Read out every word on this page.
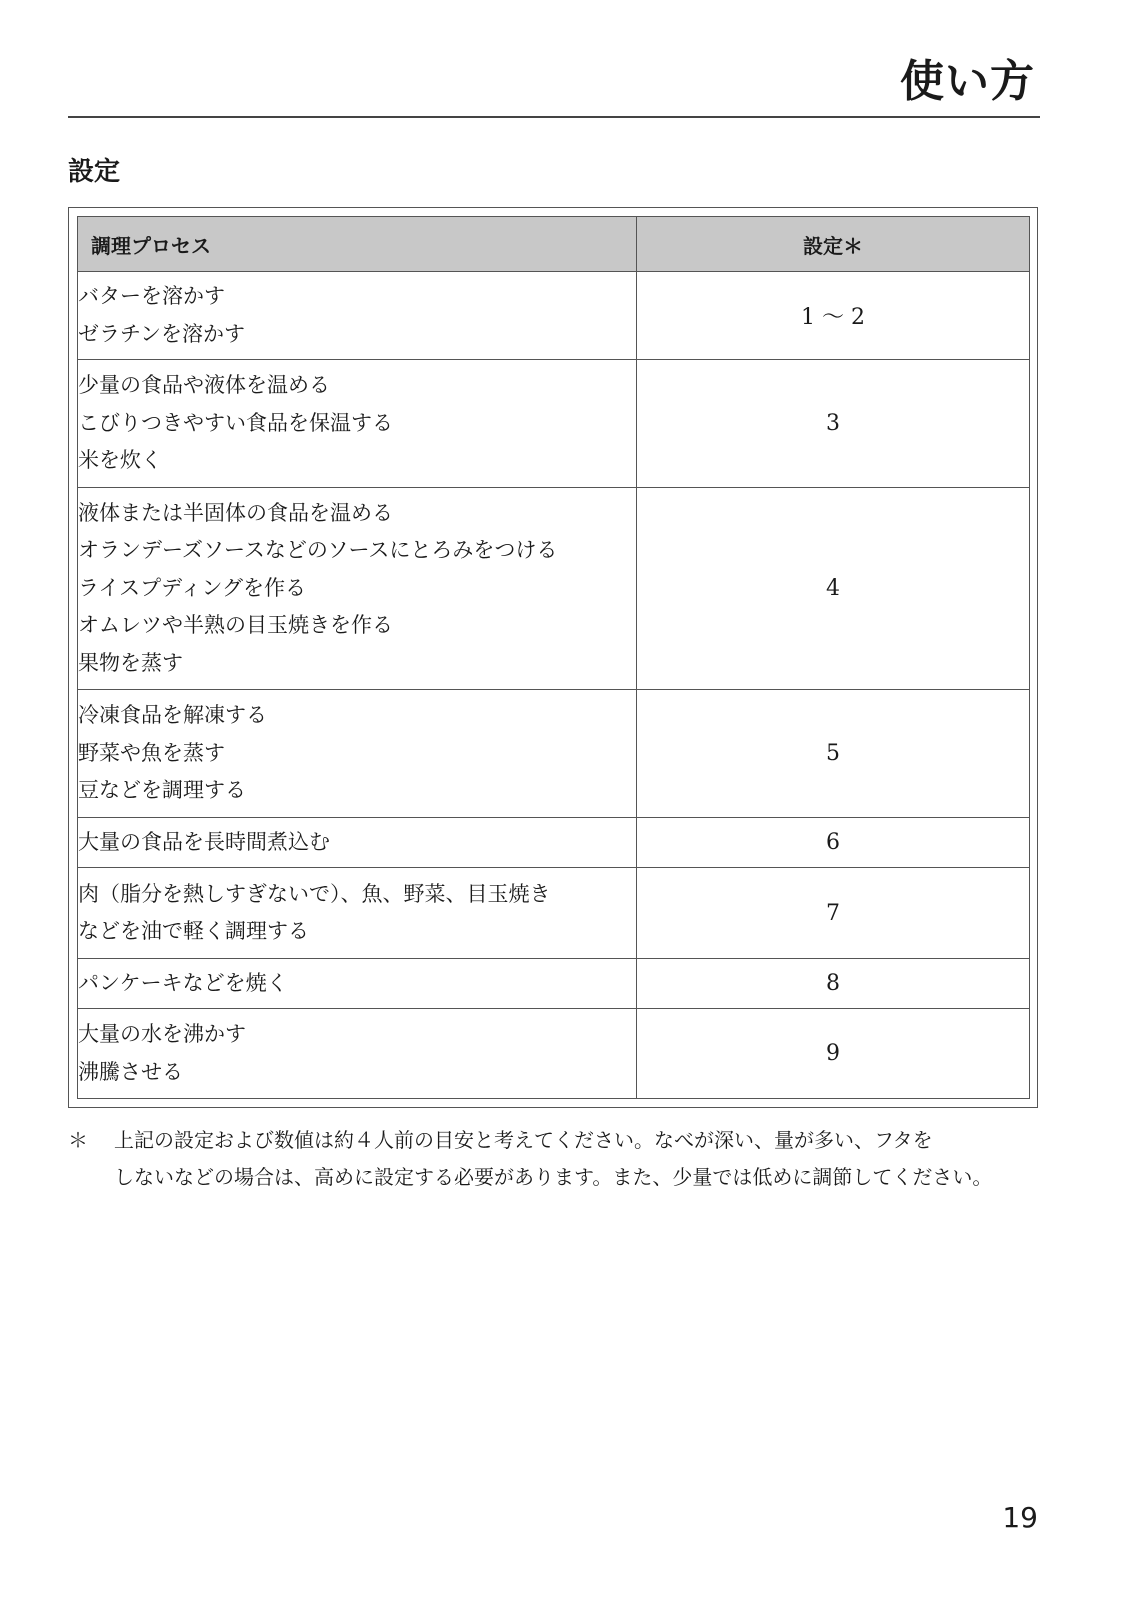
使い方
設定
調理プロセス	設定＊

バターを溶かす
ゼラチンを溶かす	1 ～ 2

少量の食品や液体を温める
こびりつきやすい食品を保温する
米を炊く	3

液体または半固体の食品を温める
オランデーズソースなどのソースにとろみをつける
ライスプディングを作る
オムレツや半熟の目玉焼きを作る
果物を蒸す	4

冷凍食品を解凍する
野菜や魚を蒸す
豆などを調理する	5

大量の食品を長時間煮込む	6

肉（脂分を熱しすぎないで）、魚、野菜、目玉焼き
などを油で軽く調理する	7

パンケーキなどを焼く	8

大量の水を沸かす
沸騰させる	9
＊	上記の設定および数値は約４人前の目安と考えてください。なべが深い、量が多い、フタを
しないなどの場合は、高めに設定する必要があります。また、少量では低めに調節してください。
19
